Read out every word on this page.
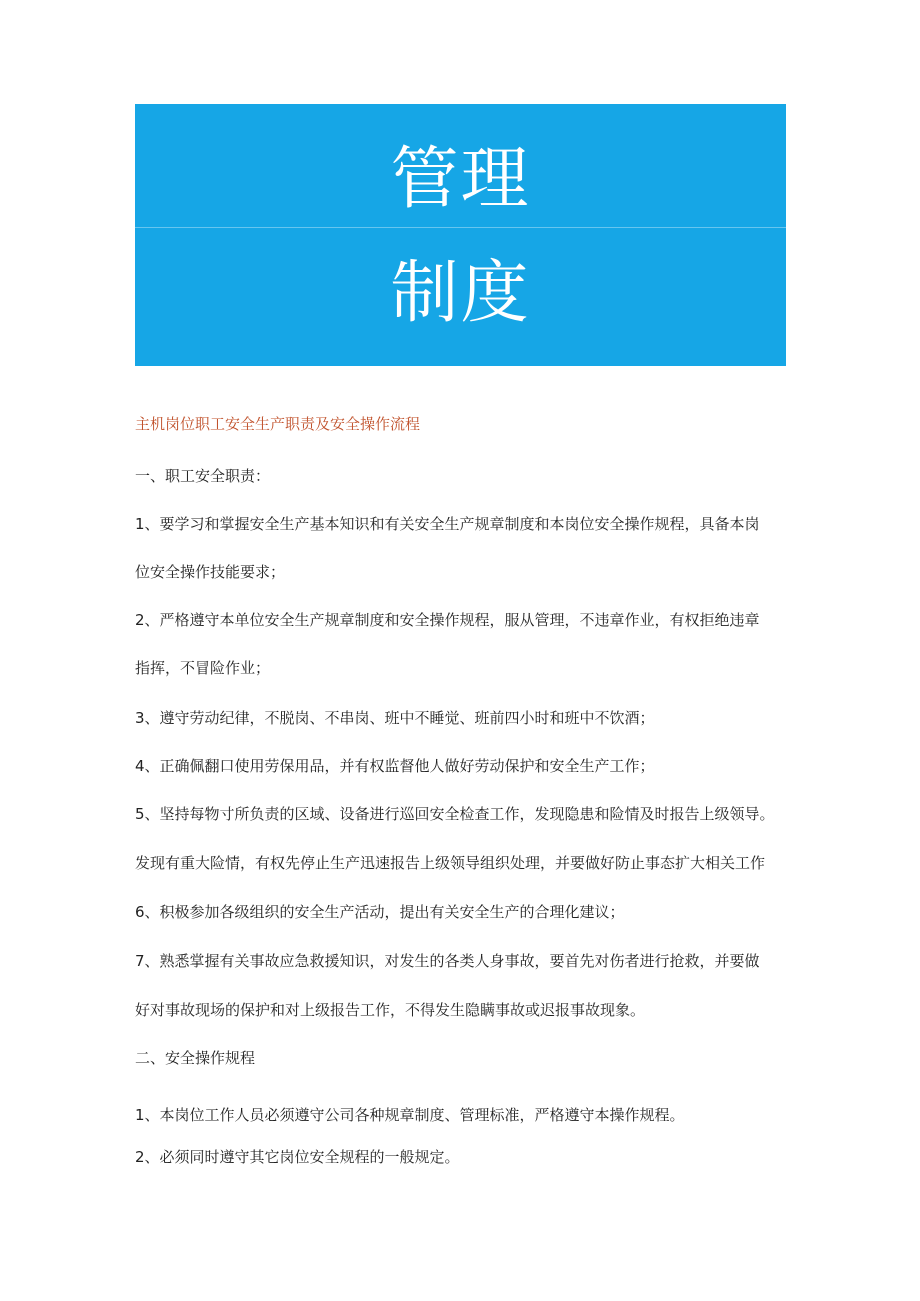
管理
制度
主机岗位职工安全生产职责及安全操作流程
一、职工安全职责：
1、要学习和掌握安全生产基本知识和有关安全生产规章制度和本岗位安全操作规程，具备本岗
位安全操作技能要求；
2、严格遵守本单位安全生产规章制度和安全操作规程，服从管理，不违章作业，有权拒绝违章
指挥，不冒险作业；
3、遵守劳动纪律，不脱岗、不串岗、班中不睡觉、班前四小时和班中不饮酒；
4、正确佩翻口使用劳保用品，并有权监督他人做好劳动保护和安全生产工作；
5、坚持每物寸所负责的区域、设备进行巡回安全检查工作，发现隐患和险情及时报告上级领导。
发现有重大险情，有权先停止生产迅速报告上级领导组织处理，并要做好防止事态扩大相关工作
6、积极参加各级组织的安全生产活动，提出有关安全生产的合理化建议；
7、熟悉掌握有关事故应急救援知识，对发生的各类人身事故，要首先对伤者进行抢救，并要做
好对事故现场的保护和对上级报告工作，不得发生隐瞒事故或迟报事故现象。
二、安全操作规程
1、本岗位工作人员必须遵守公司各种规章制度、管理标准，严格遵守本操作规程。
2、必须同时遵守其它岗位安全规程的一般规定。
